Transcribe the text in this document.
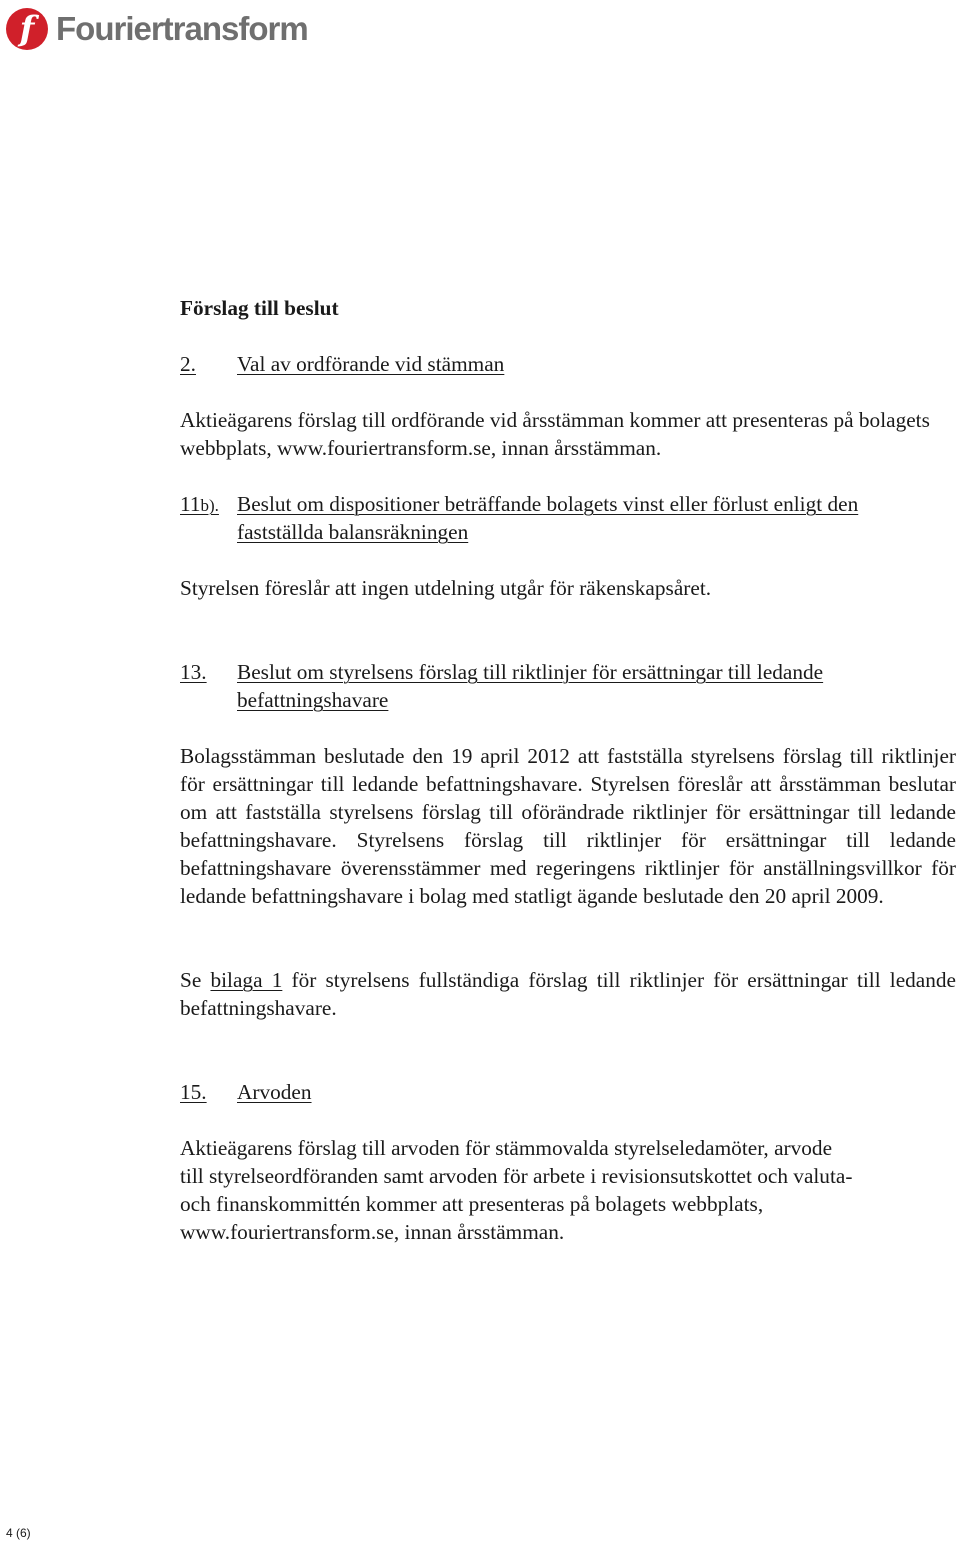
f Fouriertransform
Förslag till beslut
2. Val av ordförande vid stämman

Aktieägarens förslag till ordförande vid årsstämman kommer att presenteras på bolagets webbplats, www.fouriertransform.se, innan årsstämman.

11b). Beslut om dispositioner beträffande bolagets vinst eller förlust enligt den
fastställda balansräkningen

Styrelsen föreslår att ingen utdelning utgår för räkenskapsåret.

13. Beslut om styrelsens förslag till riktlinjer för ersättningar till ledande
befattningshavare

Bolagsstämman beslutade den 19 april 2012 att fastställa styrelsens förslag till riktlinjer för ersättningar till ledande befattningshavare. Styrelsen föreslår att årsstämman beslutar om att fastställa styrelsens förslag till oförändrade riktlinjer för ersättningar till ledande befattningshavare. Styrelsens förslag till riktlinjer för ersättningar till ledande befattningshavare överensstämmer med regeringens riktlinjer för anställningsvillkor för ledande befattningshavare i bolag med statligt ägande beslutade den 20 april 2009.

Se bilaga 1 för styrelsens fullständiga förslag till riktlinjer för ersättningar till ledande befattningshavare.

15. Arvoden

Aktieägarens förslag till arvoden för stämmovalda styrelseledamöter, arvode
till styrelseordföranden samt arvoden för arbete i revisionsutskottet och valuta-
och finanskommittén kommer att presenteras på bolagets webbplats,
www.fouriertransform.se, innan årsstämman.

4 (6)
